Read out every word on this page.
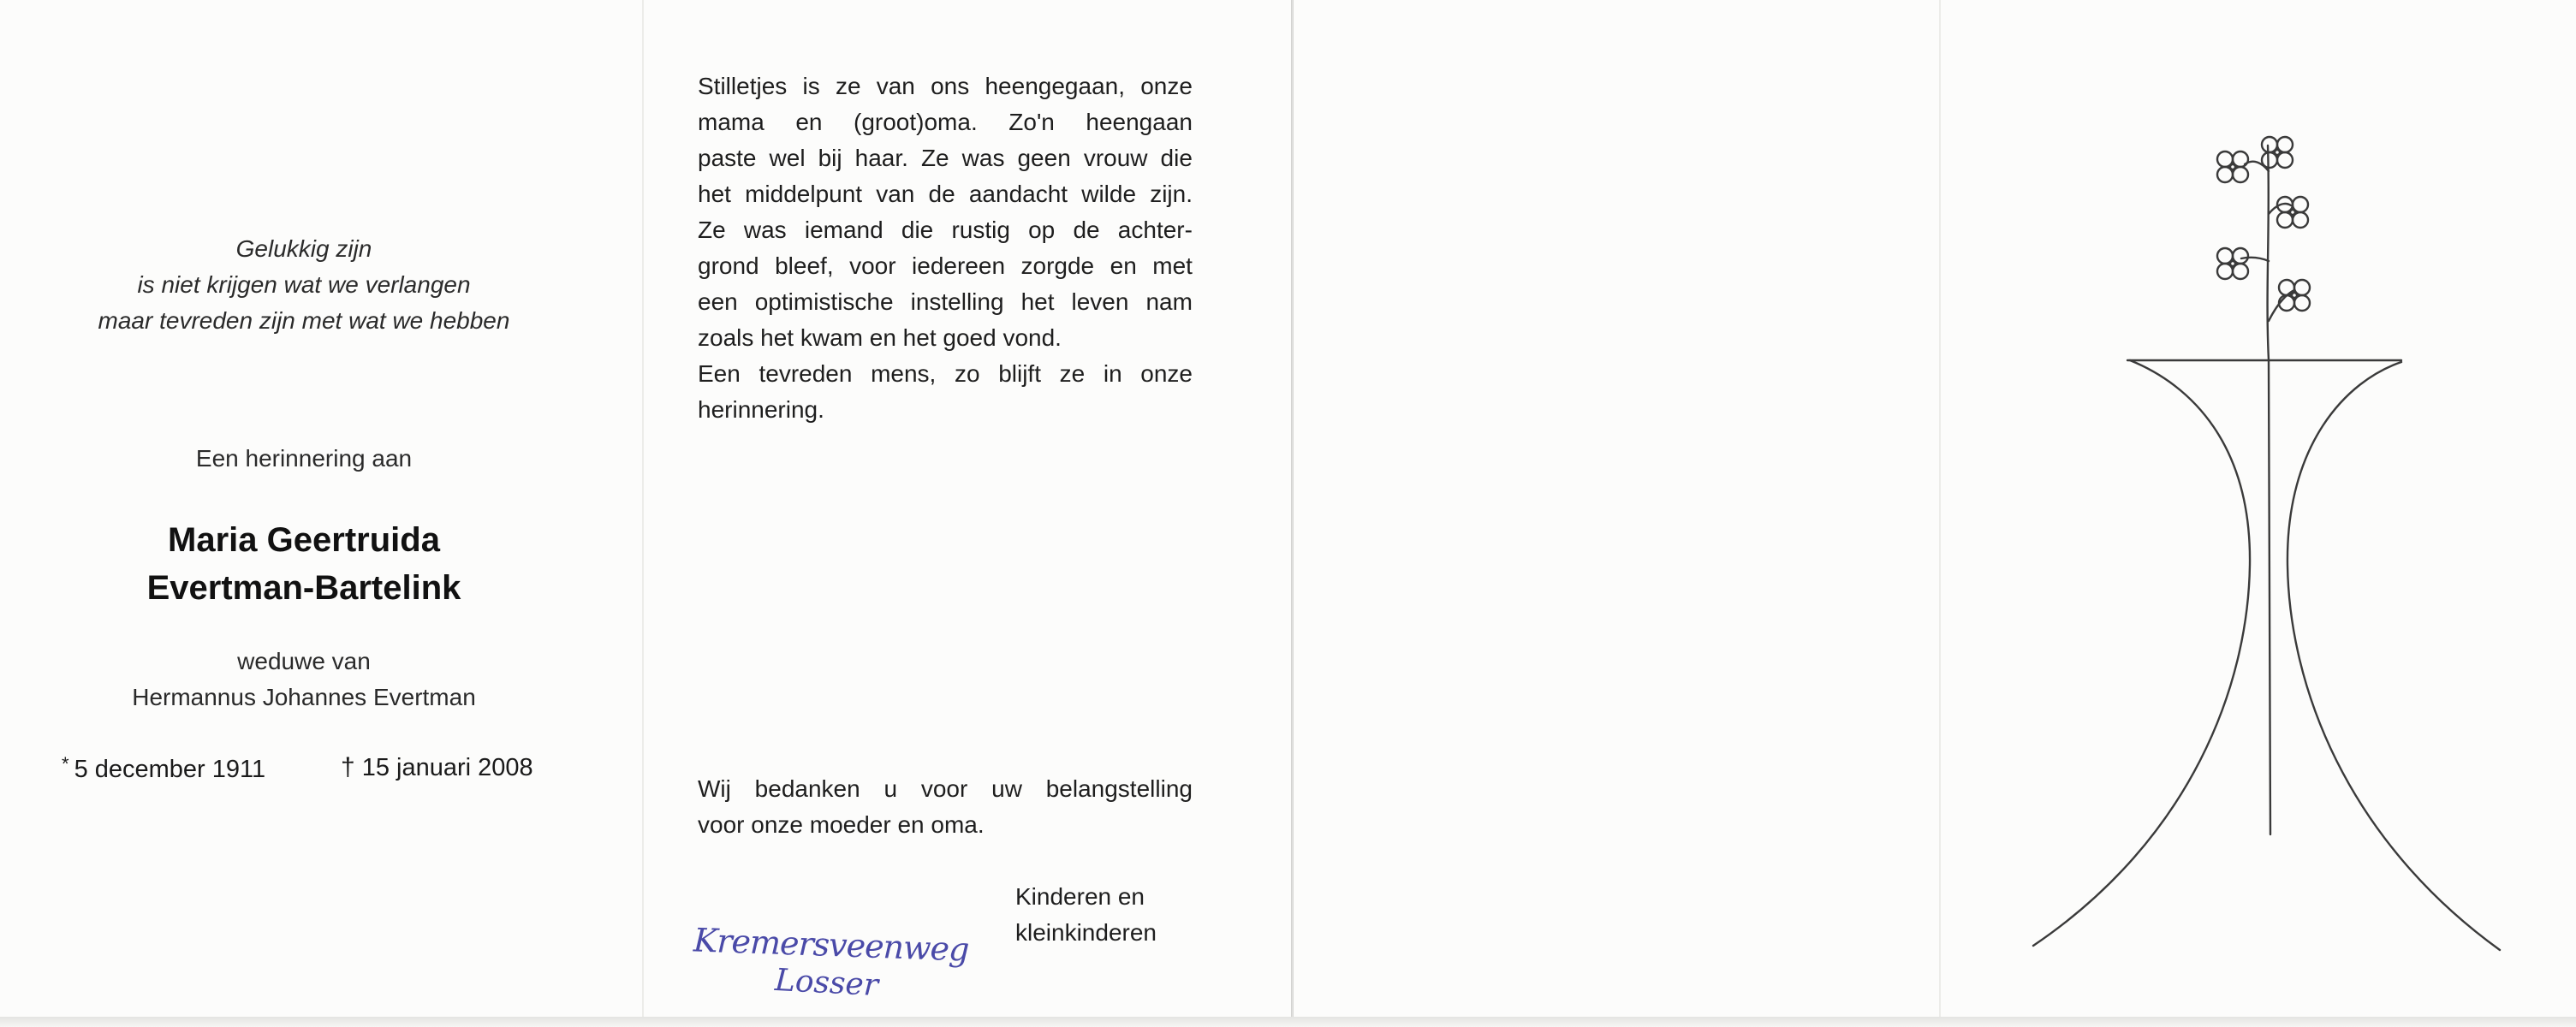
Gelukkig zijn
is niet krijgen wat we verlangen
maar tevreden zijn met wat we hebben
Een herinnering aan
Maria Geertruida
Evertman-Bartelink
weduwe van
Hermannus Johannes Evertman
* 5 december 1911	† 15 januari 2008
Stilletjes is ze van ons heengegaan, onze
mama en (groot)oma. Zo'n heengaan
paste wel bij haar. Ze was geen vrouw die
het middelpunt van de aandacht wilde zijn.
Ze was iemand die rustig op de achter-
grond bleef, voor iedereen zorgde en met
een optimistische instelling het leven nam
zoals het kwam en het goed vond.
Een tevreden mens, zo blijft ze in onze
herinnering.
Wij bedanken u voor uw belangstelling
voor onze moeder en oma.
Kinderen en
kleinkinderen
Kremersveenweg
Losser
